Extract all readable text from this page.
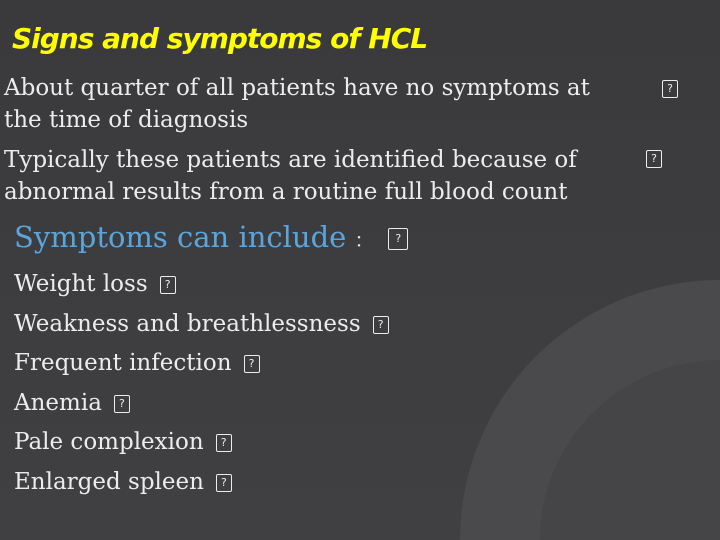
Signs and symptoms of HCL
About quarter of all patients have no symptoms at
the time of diagnosis
?
Typically these patients are identified because of
abnormal results from a routine full blood count
?
Symptoms can include ： ?
Weight loss ?
Weakness and breathlessness ?
Frequent infection ?
Anemia ?
Pale complexion ?
Enlarged spleen ?
